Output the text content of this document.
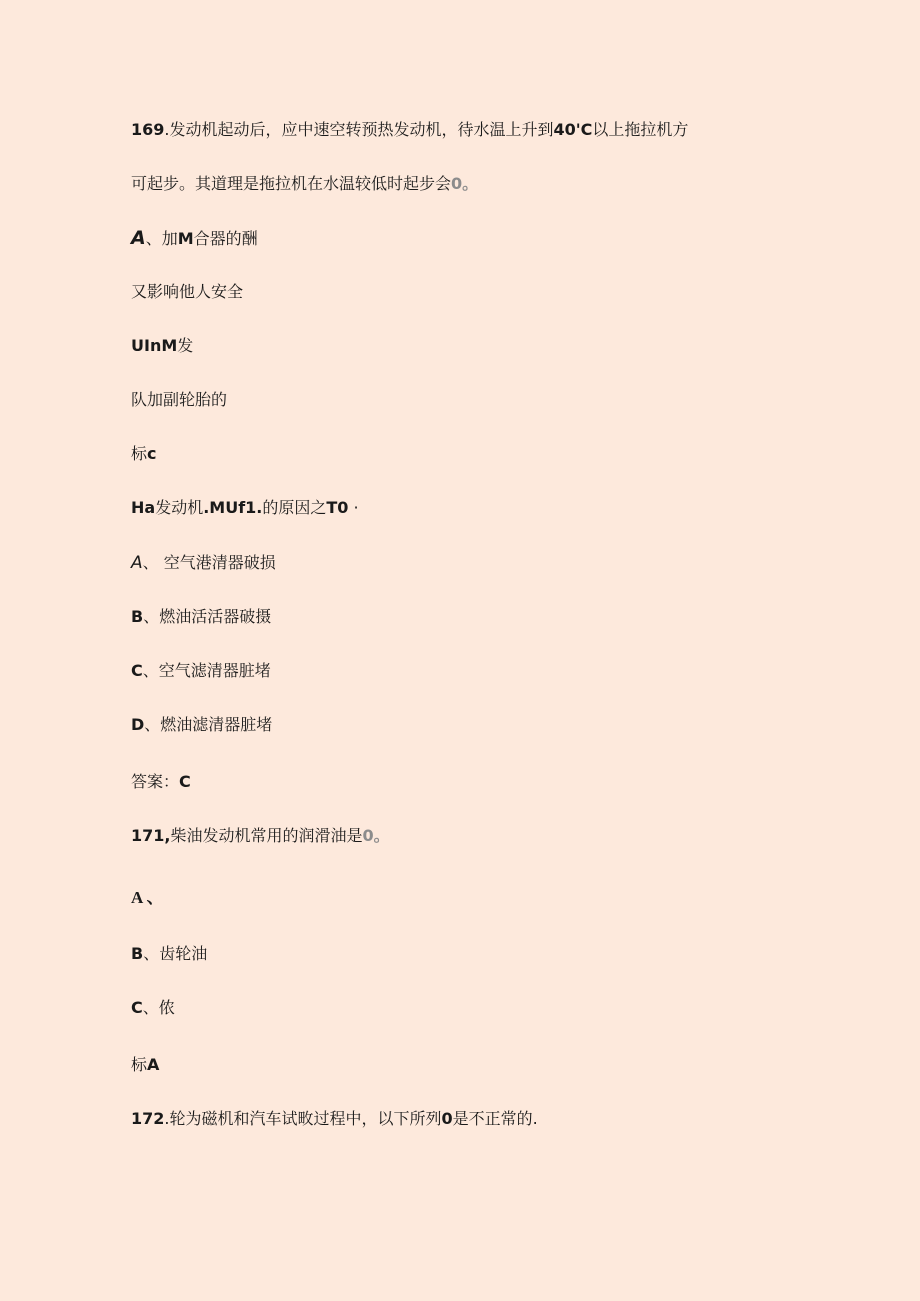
169.发动机起动后，应中速空转预热发动机，待水温上升到40'C以上拖拉机方
可起步。其道理是拖拉机在水温较低时起步会0。
A、加M合器的酬
又影响他人安全
UInM发
队加副轮胎的
标c
Ha发动机.MUf1.的原因之T0 ·
A、 空气港清器破损
B、燃油活活器破摄
C、空气滤清器脏堵
D、燃油滤清器脏堵
答案：C
171,柴油发动机常用的润滑油是0。
A 、
B、齿轮油
C、侬
标A
172.轮为磁机和汽车试畋过程中，以下所列0是不正常的.
